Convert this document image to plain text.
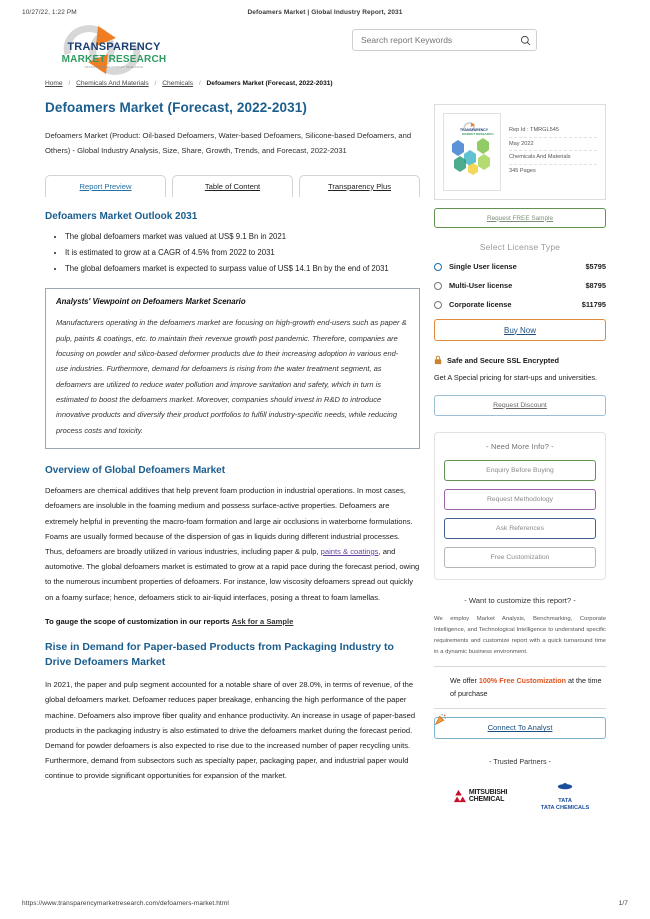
10/27/22, 1:22 PM	Defoamers Market | Global Industry Report, 2031
TRANSPARENCY
MARKET RESEARCH
TRANSPARENCY MARKET RESEARCH
Search report Keywords
Home / Chemicals And Materials / Chemicals / Defoamers Market (Forecast, 2022-2031)
Defoamers Market (Forecast, 2022-2031)
Defoamers Market (Product: Oil-based Defoamers, Water-based Defoamers, Silicone-based Defoamers, and Others) - Global Industry Analysis, Size, Share, Growth, Trends, and Forecast, 2022-2031
Report Preview	Table of Content	Transparency Plus
Defoamers Market Outlook 2031
• The global defoamers market was valued at US$ 9.1 Bn in 2021
• It is estimated to grow at a CAGR of 4.5% from 2022 to 2031
• The global defoamers market is expected to surpass value of US$ 14.1 Bn by the end of 2031
Analysts' Viewpoint on Defoamers Market Scenario
Manufacturers operating in the defoamers market are focusing on high-growth end-users such as paper & pulp, paints & coatings, etc. to maintain their revenue growth post pandemic. Therefore, companies are focusing on powder and silico-based deformer products due to their increasing adoption in various end-use industries. Furthermore, demand for defoamers is rising from the water treatment segment, as defoamers are utilized to reduce water pollution and improve sanitation and safety, which in turn is estimated to boost the defoamers market. Moreover, companies should invest in R&D to introduce innovative products and diversify their product portfolios to fulfill industry-specific needs, while reducing process costs and toxicity.
Overview of Global Defoamers Market

Defoamers are chemical additives that help prevent foam production in industrial operations. In most cases, defoamers are insoluble in the foaming medium and possess surface-active properties. Defoamers are extremely helpful in preventing the macro-foam formation and large air occlusions in waterborne formulations. Foams are usually formed because of the dispersion of gas in liquids during different industrial processes. Thus, defoamers are broadly utilized in various industries, including paper & pulp, paints & coatings, and automotive. The global defoamers market is estimated to grow at a rapid pace during the forecast period, owing to the numerous incumbent properties of defoamers. For instance, low viscosity defoamers spread out quickly on a foamy surface; hence, defoamers stick to air-liquid interfaces, posing a threat to foam lamellas.

To gauge the scope of customization in our reports Ask for a Sample

Rise in Demand for Paper-based Products from Packaging Industry to Drive Defoamers Market

In 2021, the paper and pulp segment accounted for a notable share of over 28.0%, in terms of revenue, of the global defoamers market. Defoamer reduces paper breakage, enhancing the high performance of the paper machine. Defoamers also improve fiber quality and enhance productivity. An increase in usage of paper-based products in the packaging industry is also estimated to drive the defoamers market during the forecast period. Demand for powder defoamers is also expected to rise due to the increased number of paper recycling units. Furthermore, demand from subsectors such as specialty paper, packaging paper, and industrial paper would continue to provide significant opportunities for expansion of the market.

TRANSPARENCY
MARKET RESEARCH
Rep Id : TMRGL545
May 2022
Chemicals And Materials
345 Pages
Request FREE Sample
Select License Type
Single User license	$5795
Multi-User license	$8795
Corporate license	$11795
Buy Now
Safe and Secure SSL Encrypted
Get A Special pricing for start-ups and universities.
Request Discount
- Need More Info? -
Enquiry Before Buying
Request Methodology
Ask References
Free Customization
- Want to customize this report? -
We employ Market Analysis, Benchmarking, Corporate Intelligence, and Technological Intelligence to understand specific requirements and customize report with a quick turnaround time in a dynamic business environment.
We offer 100% Free Customization at the time of purchase
Connect To Analyst
- Trusted Partners -
MITSUBISHI
CHEMICAL	TATA
TATA CHEMICALS
https://www.transparencymarketresearch.com/defoamers-market.html	1/7
